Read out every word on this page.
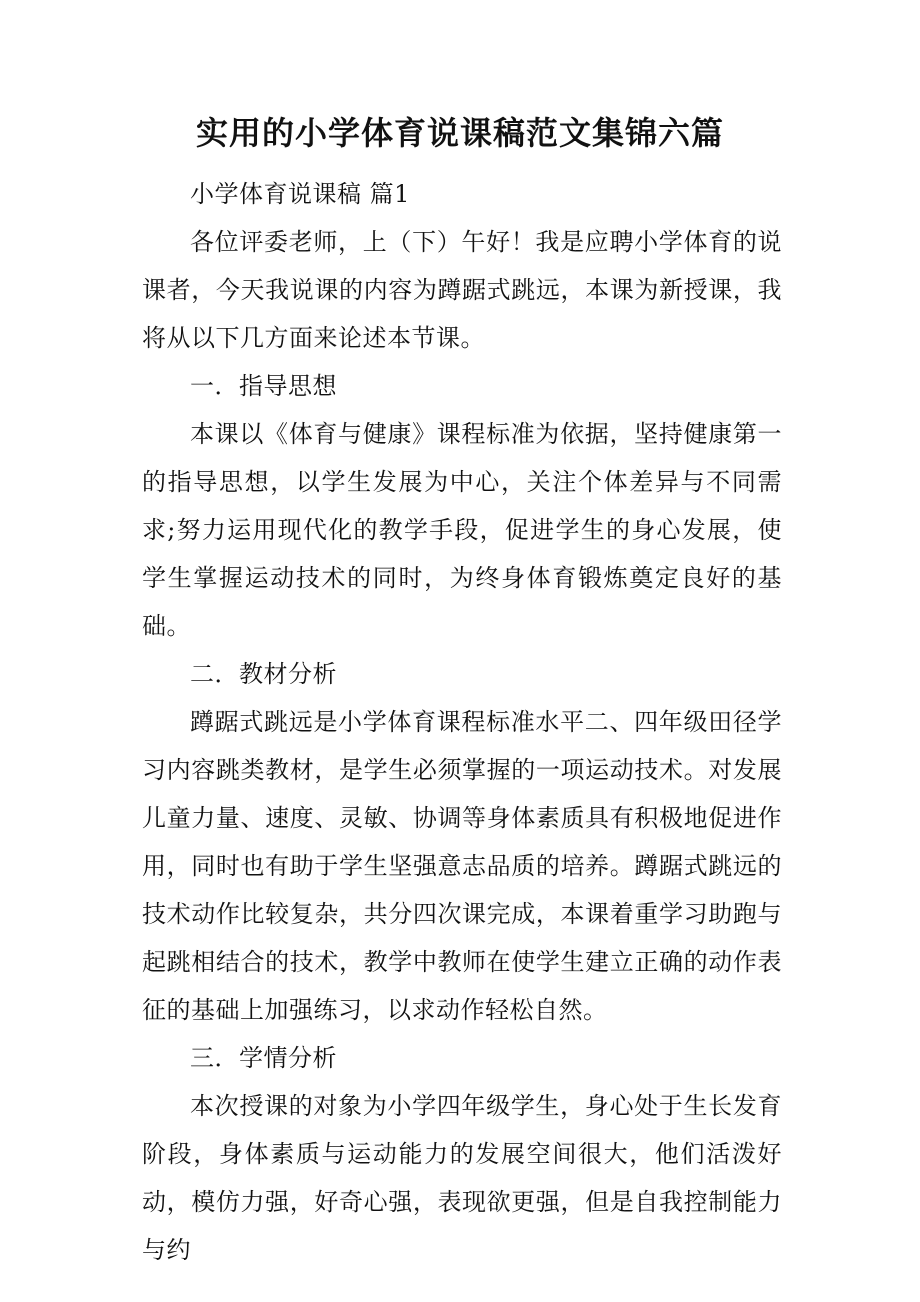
实用的小学体育说课稿范文集锦六篇

小学体育说课稿 篇1

各位评委老师，上（下）午好！我是应聘小学体育的说课者，今天我说课的内容为蹲踞式跳远，本课为新授课，我将从以下几方面来论述本节课。

一．指导思想

本课以《体育与健康》课程标准为依据，坚持健康第一的指导思想，以学生发展为中心，关注个体差异与不同需求;努力运用现代化的教学手段，促进学生的身心发展，使学生掌握运动技术的同时，为终身体育锻炼奠定良好的基础。

二．教材分析

蹲踞式跳远是小学体育课程标准水平二、四年级田径学习内容跳类教材，是学生必须掌握的一项运动技术。对发展儿童力量、速度、灵敏、协调等身体素质具有积极地促进作用，同时也有助于学生坚强意志品质的培养。蹲踞式跳远的技术动作比较复杂，共分四次课完成，本课着重学习助跑与起跳相结合的技术，教学中教师在使学生建立正确的动作表征的基础上加强练习，以求动作轻松自然。

三．学情分析

本次授课的对象为小学四年级学生，身心处于生长发育阶段，身体素质与运动能力的发展空间很大，他们活泼好动，模仿力强，好奇心强，表现欲更强，但是自我控制能力与约
